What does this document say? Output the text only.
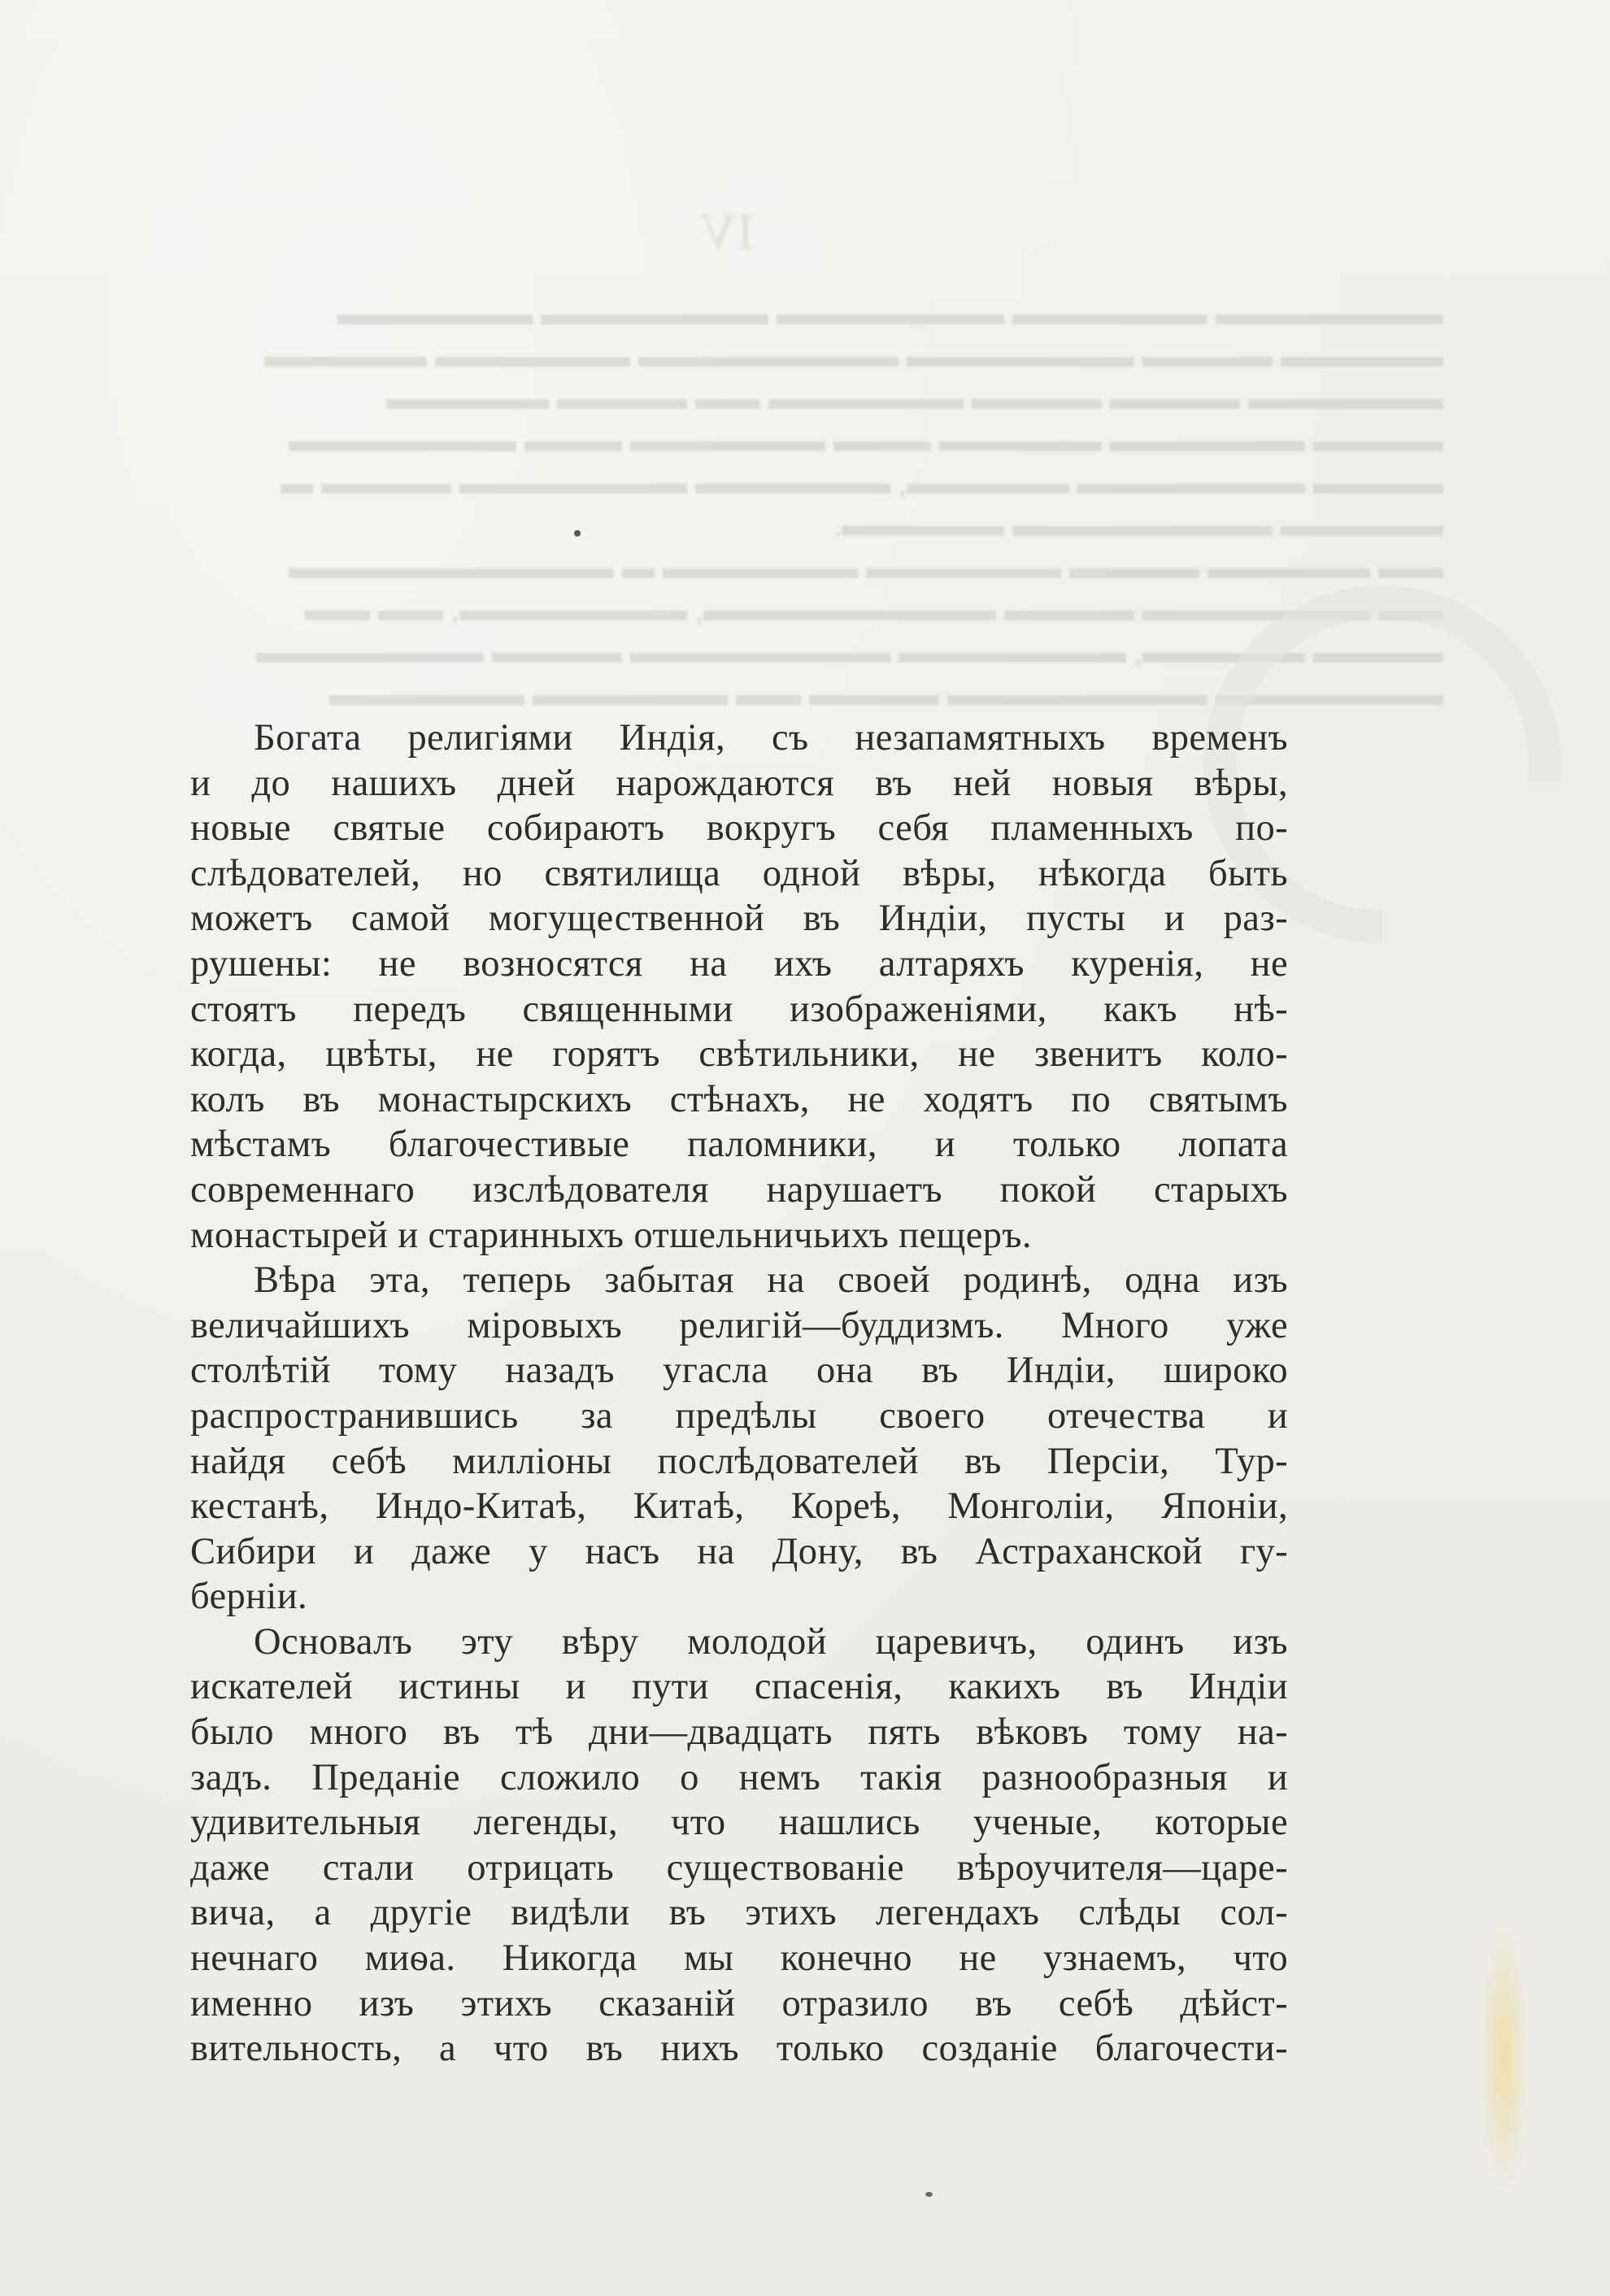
IV
▬▬▬▬▬▬▬ ▬▬▬▬▬▬ ▬▬▬▬▬▬▬ ▬▬▬▬▬▬▬ ▬▬▬▬▬▬
▬▬▬▬▬ ▬▬▬▬ ▬▬▬▬▬▬▬ ▬▬▬▬▬▬▬▬ ▬▬▬▬▬▬ ▬▬▬▬▬
▬▬▬▬▬▬ ▬▬▬▬ ▬▬▬▬ ▬▬▬▬▬▬ ▬▬ ▬▬▬▬ ▬▬▬▬▬
▬▬▬▬ ▬▬▬▬▬▬ ▬▬▬▬▬ ▬▬▬ ▬▬▬▬▬▬ ▬▬▬ ▬▬▬▬▬▬▬
▬▬▬▬ ▬▬▬▬▬▬▬ ▬▬▬▬▬, ▬▬▬▬▬▬ ▬▬▬▬▬▬▬ ▬▬▬▬ ▬
▬▬▬▬▬ ▬▬▬▬▬▬▬▬ ▬▬▬▬▬.
▬▬ ▬▬▬▬▬ ▬▬▬▬ ▬▬▬▬▬▬ ▬▬▬▬▬▬ ▬ ▬▬▬▬▬▬▬▬▬▬
▬▬ ▬▬▬▬▬▬▬ ▬▬▬▬ ▬▬▬▬▬▬▬▬▬, ▬▬▬▬▬▬▬, ▬▬ ▬▬
▬▬▬▬ ▬▬▬▬▬, ▬▬▬▬▬▬▬ ▬▬▬▬▬▬▬▬ ▬▬▬▬ ▬▬▬▬▬▬▬
▬▬▬▬▬▬▬ ▬▬▬▬▬▬▬▬ ▬▬▬▬ ▬▬ ▬▬▬▬▬▬ ▬▬▬▬▬▬
Богата религіями Индія, съ незапамятныхъ временъ
и до нашихъ дней нарождаются въ ней новыя вѣры,
новые святые собираютъ вокругъ себя пламенныхъ по-
слѣдователей, но святилища одной вѣры, нѣкогда быть
можетъ самой могущественной въ Индіи, пусты и раз-
рушены: не возносятся на ихъ алтаряхъ куренія, не
стоятъ передъ священными изображеніями, какъ нѣ-
когда, цвѣты, не горятъ свѣтильники, не звенитъ коло-
колъ въ монастырскихъ стѣнахъ, не ходятъ по святымъ
мѣстамъ благочестивые паломники, и только лопата
современнаго изслѣдователя нарушаетъ покой старыхъ
монастырей и старинныхъ отшельничьихъ пещеръ.
Вѣра эта, теперь забытая на своей родинѣ, одна изъ
величайшихъ міровыхъ религій—буддизмъ. Много уже
столѣтій тому назадъ угасла она въ Индіи, широко
распространившись за предѣлы своего отечества и
найдя себѣ милліоны послѣдователей въ Персіи, Тур-
кестанѣ, Индо-Китаѣ, Китаѣ, Кореѣ, Монголіи, Японіи,
Сибири и даже у насъ на Дону, въ Астраханской гу-
берніи.
Основалъ эту вѣру молодой царевичъ, одинъ изъ
искателей истины и пути спасенія, какихъ въ Индіи
было много въ тѣ дни—двадцать пять вѣковъ тому на-
задъ. Преданіе сложило о немъ такія разнообразныя и
удивительныя легенды, что нашлись ученые, которые
даже стали отрицать существованіе вѣроучителя—царе-
вича, а другіе видѣли въ этихъ легендахъ слѣды сол-
нечнаго миѳа. Никогда мы конечно не узнаемъ, что
именно изъ этихъ сказаній отразило въ себѣ дѣйст-
вительность, а что въ нихъ только созданіе благочести-
